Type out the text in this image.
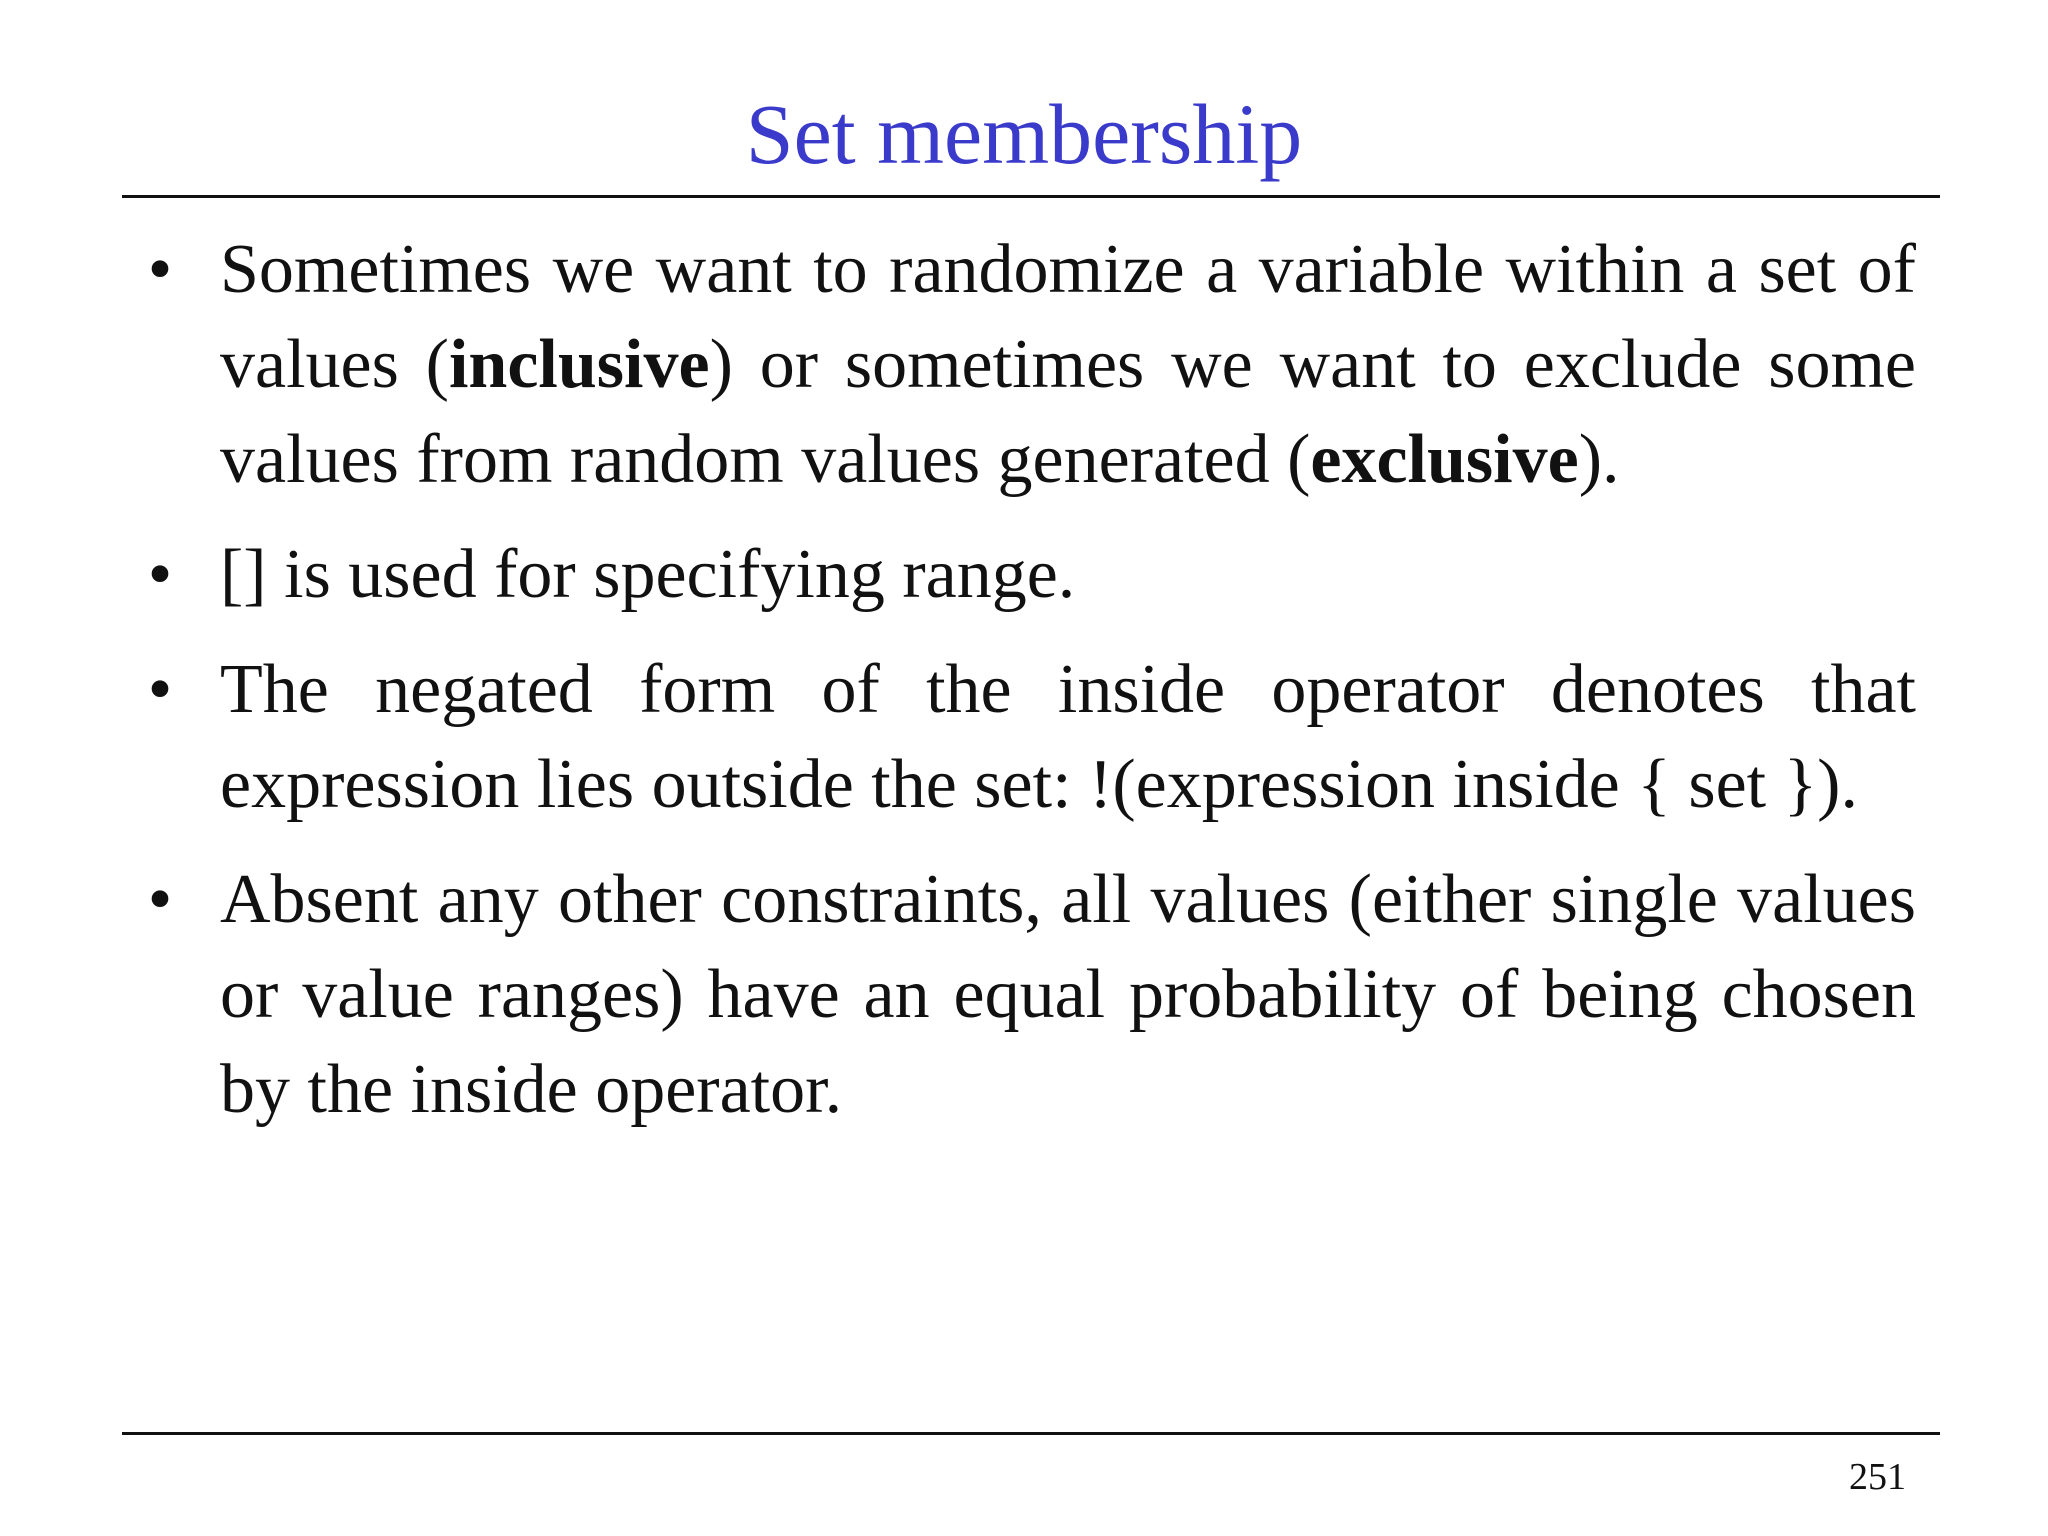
Set membership
• Sometimes we want to randomize a variable within a set of values (inclusive) or sometimes we want to exclude some values from random values generated (exclusive).
• [] is used for specifying range.
• The negated form of the inside operator denotes that expression lies outside the set: !(expression inside { set }).
• Absent any other constraints, all values (either single values or value ranges) have an equal probability of being chosen by the inside operator.
251
